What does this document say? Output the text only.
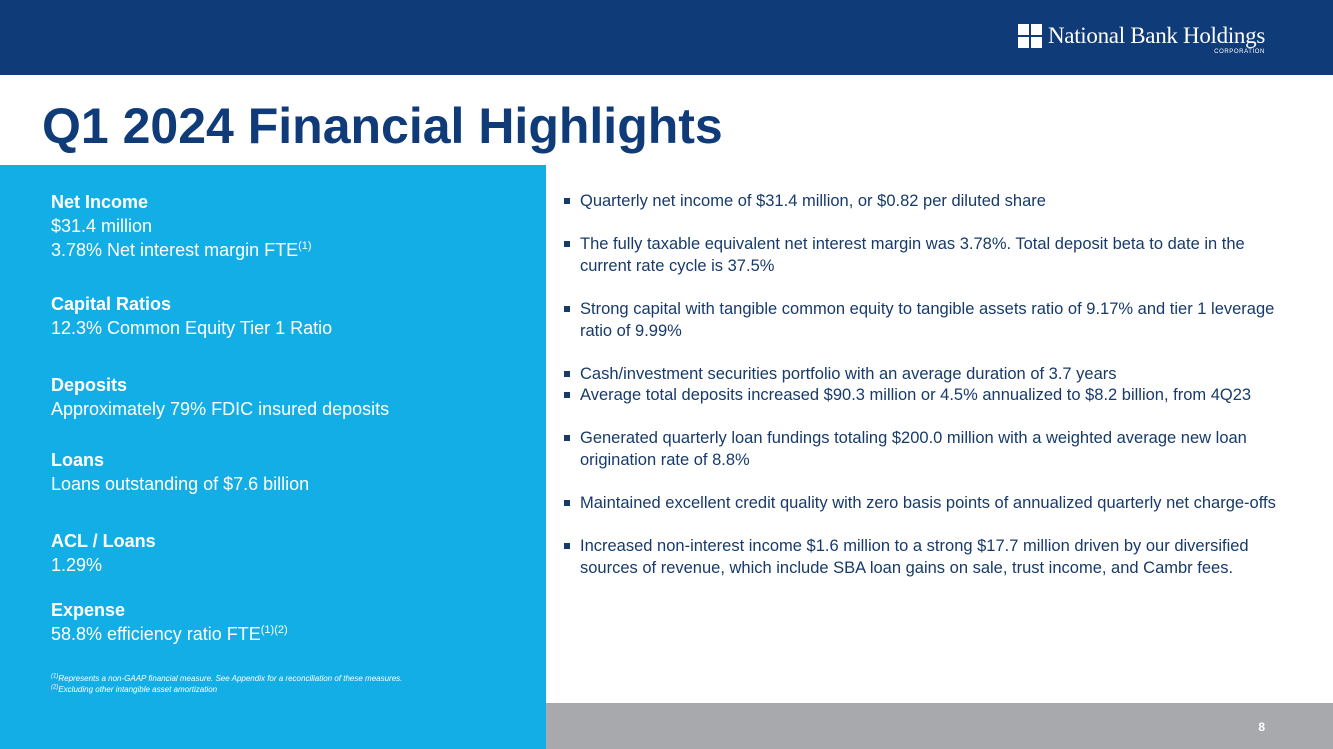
National Bank Holdings
CORPORATION
Q1 2024 Financial Highlights
Net Income
$31.4 million
3.78% Net interest margin FTE$^{(1)}$
Capital Ratios
12.3% Common Equity Tier 1 Ratio
Deposits
Approximately 79% FDIC insured deposits
Loans
Loans outstanding of $7.6 billion
ACL / Loans
1.29%
Expense
58.8% efficiency ratio $FTE^{(1)(2)}$
$^{(1)}$Represents a non-GAAP financial measure. See Appendix for a reconciliation of these measures.
$^{(2)}$Excluding other intangible asset amortization
Quarterly net income of $31.4 million, or $0.82 per diluted share
The fully taxable equivalent net interest margin was 3.78%. Total deposit beta to date in the current rate cycle is 37.5%
Strong capital with tangible common equity to tangible assets ratio of 9.17% and tier 1 leverage ratio of 9.99%
Cash/investment securities portfolio with an average duration of 3.7 years
Average total deposits increased $90.3 million or 4.5% annualized to $8.2 billion, from 4Q23
Generated quarterly loan fundings totaling $200.0 million with a weighted average new loan origination rate of 8.8%
Maintained excellent credit quality with zero basis points of annualized quarterly net charge-offs
Increased non-interest income $1.6 million to a strong $17.7 million driven by our diversified sources of revenue, which include SBA loan gains on sale, trust income, and Cambr fees.
8
